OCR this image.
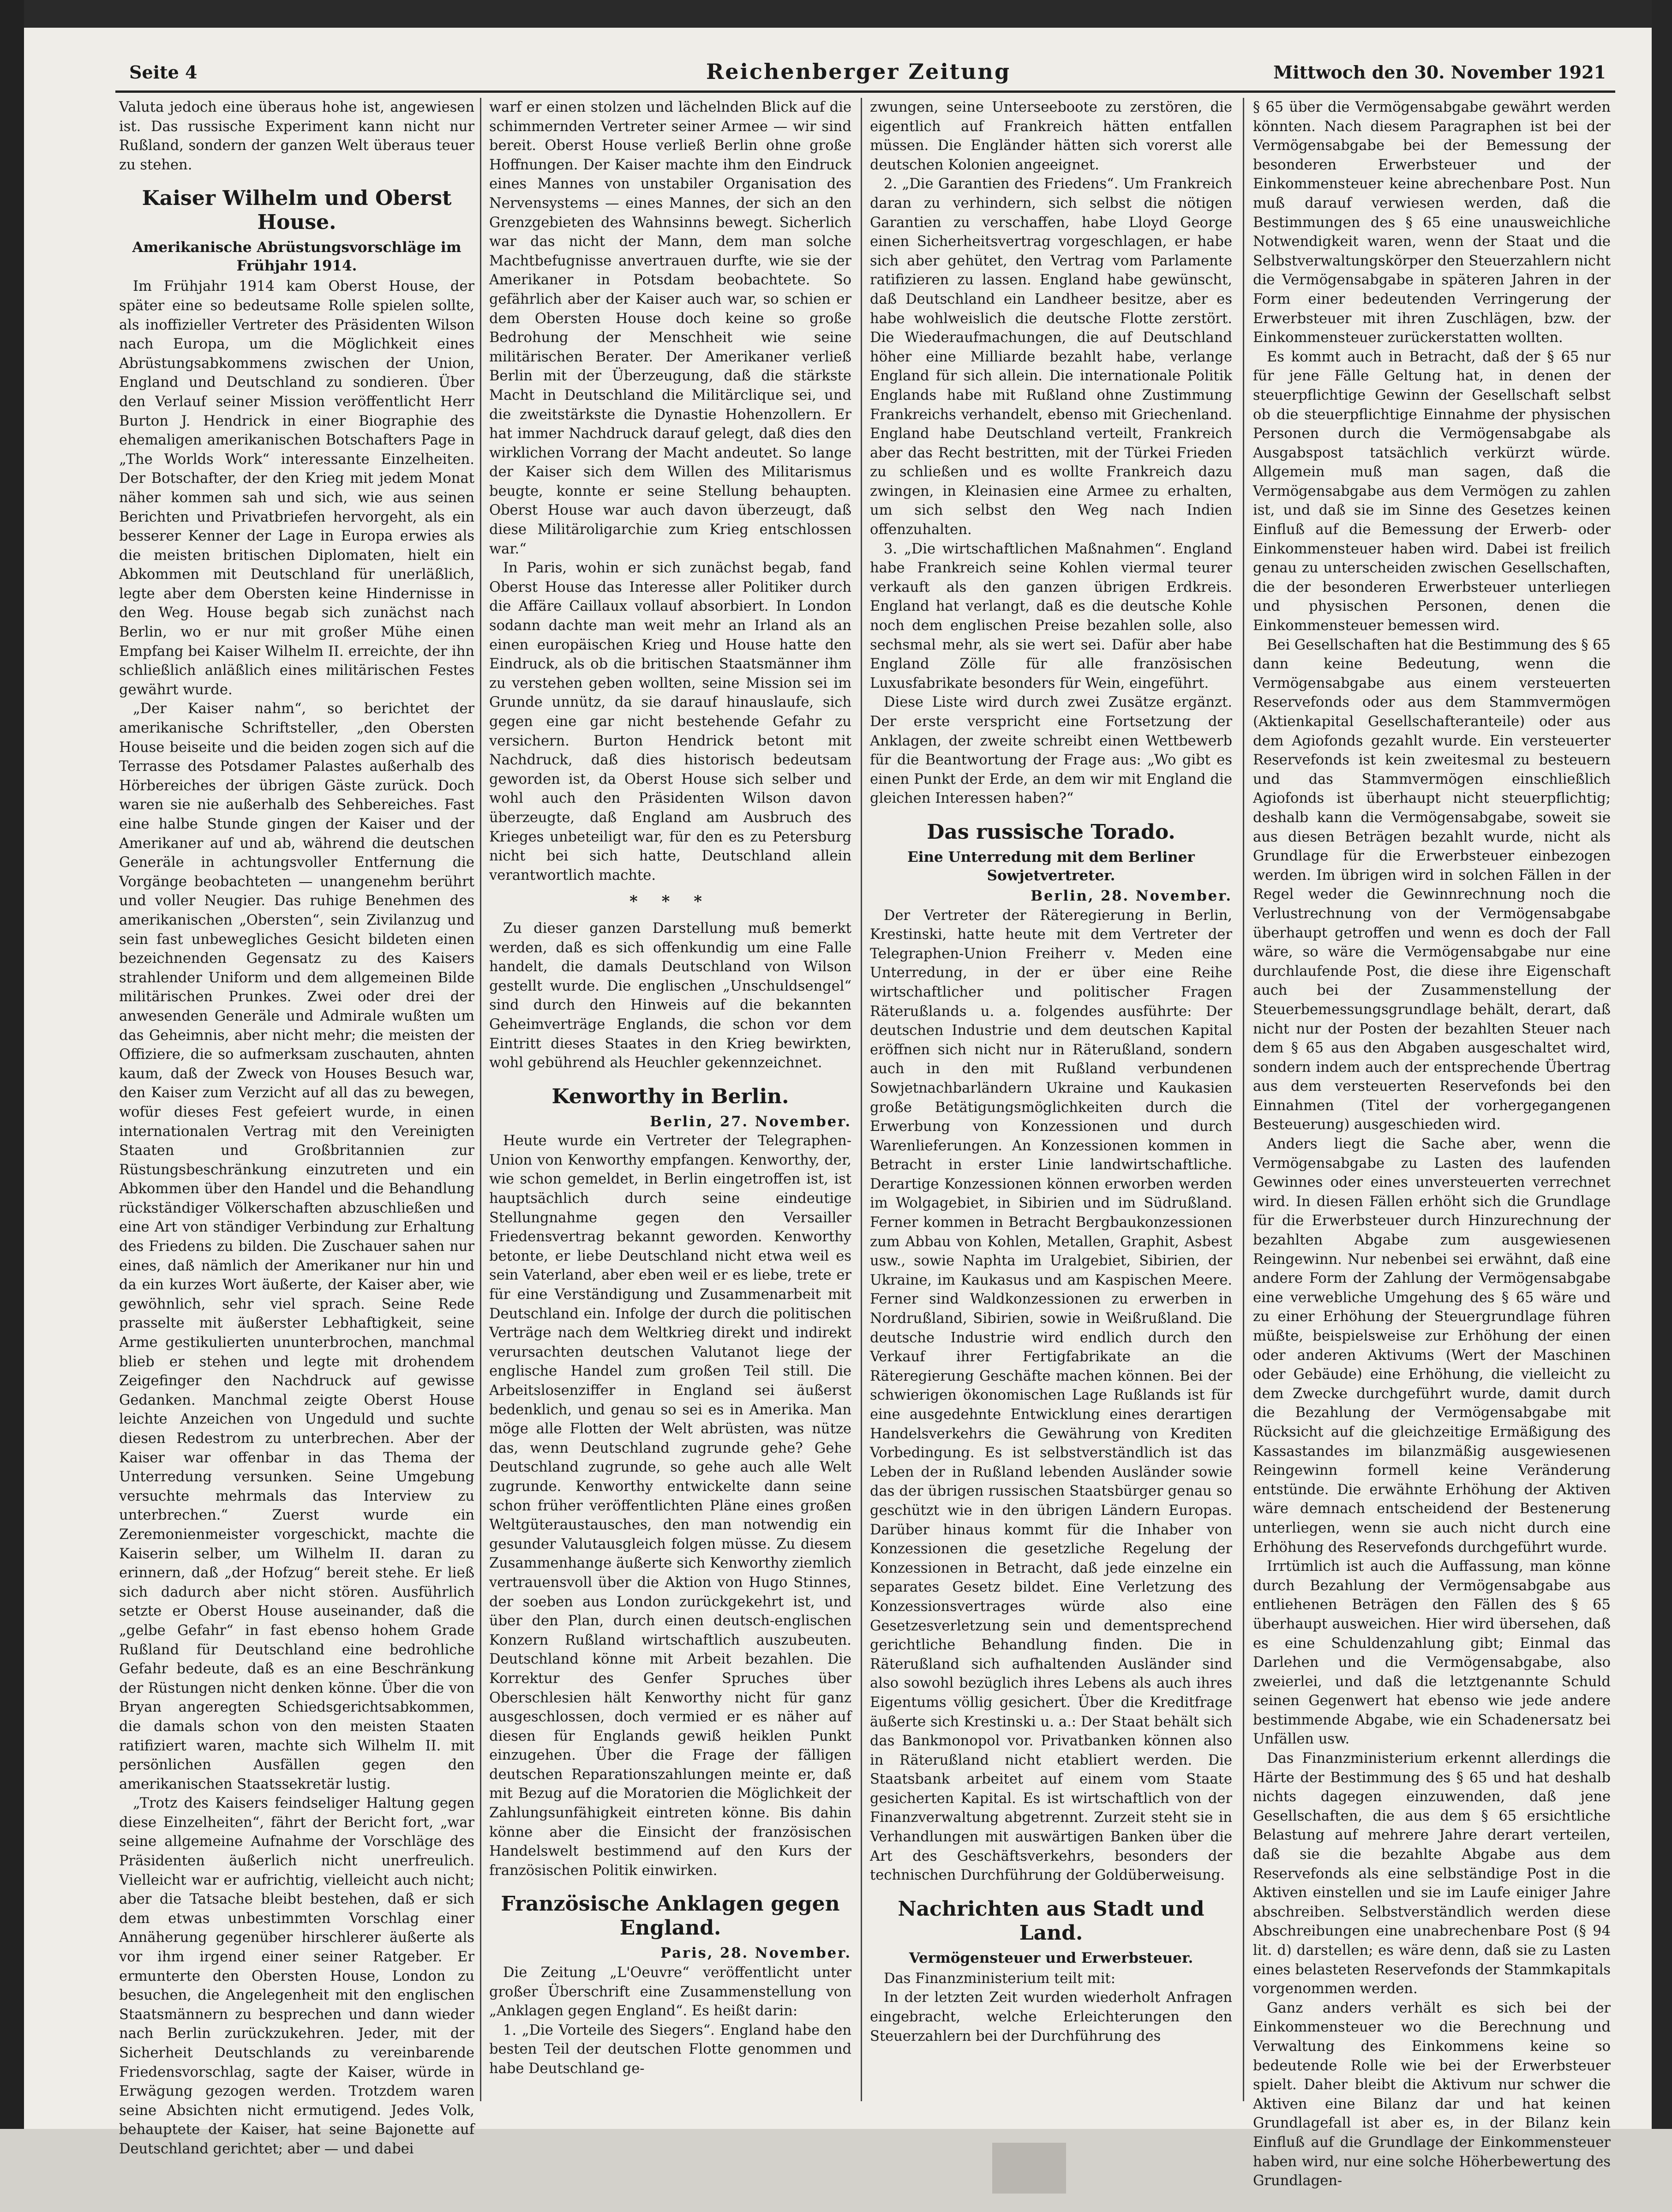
Seite 4	Reichenberger Zeitung	Mittwoch den 30. November 1921

Valuta jedoch eine überaus hohe ist, angewiesen ist. Das russische Experiment kann nicht nur Rußland, sondern der ganzen Welt überaus teuer zu stehen.

Kaiser Wilhelm und Oberst House.
Amerikanische Abrüstungsvorschläge im Frühjahr 1914.

Im Frühjahr 1914 kam Oberst House, der später eine so bedeutsame Rolle spielen sollte, als inoffizieller Vertreter des Präsidenten Wilson nach Europa, um die Möglichkeit eines Abrüstungsabkommens zwischen der Union, England und Deutschland zu sondieren. Über den Verlauf seiner Mission veröffentlicht Herr Burton J. Hendrick in einer Biographie des ehemaligen amerikanischen Botschafters Page in „The Worlds Work“ interessante Einzelheiten. Der Botschafter, der den Krieg mit jedem Monat näher kommen sah und sich, wie aus seinen Berichten und Privatbriefen hervorgeht, als ein besserer Kenner der Lage in Europa erwies als die meisten britischen Diplomaten, hielt ein Abkommen mit Deutschland für unerläßlich, legte aber dem Obersten keine Hindernisse in den Weg. House begab sich zunächst nach Berlin, wo er nur mit großer Mühe einen Empfang bei Kaiser Wilhelm II. erreichte, der ihn schließlich anläßlich eines militärischen Festes gewährt wurde.

„Der Kaiser nahm“, so berichtet der amerikanische Schriftsteller, „den Obersten House beiseite und die beiden zogen sich auf die Terrasse des Potsdamer Palastes außerhalb des Hörbereiches der übrigen Gäste zurück. Doch waren sie nie außerhalb des Sehbereiches. Fast eine halbe Stunde gingen der Kaiser und der Amerikaner auf und ab, während die deutschen Generäle in achtungsvoller Entfernung die Vorgänge beobachteten — unangenehm berührt und voller Neugier. Das ruhige Benehmen des amerikanischen „Obersten“, sein Zivilanzug und sein fast unbewegliches Gesicht bildeten einen bezeichnenden Gegensatz zu des Kaisers strahlender Uniform und dem allgemeinen Bilde militärischen Prunkes. Zwei oder drei der anwesenden Generäle und Admirale wußten um das Geheimnis, aber nicht mehr; die meisten der Offiziere, die so aufmerksam zuschauten, ahnten kaum, daß der Zweck von Houses Besuch war, den Kaiser zum Verzicht auf all das zu bewegen, wofür dieses Fest gefeiert wurde, in einen internationalen Vertrag mit den Vereinigten Staaten und Großbritannien zur Rüstungsbeschränkung einzutreten und ein Abkommen über den Handel und die Behandlung rückständiger Völkerschaften abzuschließen und eine Art von ständiger Verbindung zur Erhaltung des Friedens zu bilden. Die Zuschauer sahen nur eines, daß nämlich der Amerikaner nur hin und da ein kurzes Wort äußerte, der Kaiser aber, wie gewöhnlich, sehr viel sprach. Seine Rede prasselte mit äußerster Lebhaftigkeit, seine Arme gestikulierten ununterbrochen, manchmal blieb er stehen und legte mit drohendem Zeigefinger den Nachdruck auf gewisse Gedanken. Manchmal zeigte Oberst House leichte Anzeichen von Ungeduld und suchte diesen Redestrom zu unterbrechen. Aber der Kaiser war offenbar in das Thema der Unterredung versunken. Seine Umgebung versuchte mehrmals das Interview zu unterbrechen.“ Zuerst wurde ein Zeremonienmeister vorgeschickt, machte die Kaiserin selber, um Wilhelm II. daran zu erinnern, daß „der Hofzug“ bereit stehe. Er ließ sich dadurch aber nicht stören. Ausführlich setzte er Oberst House auseinander, daß die „gelbe Gefahr“ in fast ebenso hohem Grade Rußland für Deutschland eine bedrohliche Gefahr bedeute, daß es an eine Beschränkung der Rüstungen nicht denken könne. Über die von Bryan angeregten Schiedsgerichtsabkommen, die damals schon von den meisten Staaten ratifiziert waren, machte sich Wilhelm II. mit persönlichen Ausfällen gegen den amerikanischen Staatssekretär lustig.

„Trotz des Kaisers feindseliger Haltung gegen diese Einzelheiten“, fährt der Bericht fort, „war seine allgemeine Aufnahme der Vorschläge des Präsidenten äußerlich nicht unerfreulich. Vielleicht war er aufrichtig, vielleicht auch nicht; aber die Tatsache bleibt bestehen, daß er sich dem etwas unbestimmten Vorschlag einer Annäherung gegenüber hirschlerer äußerte als vor ihm irgend einer seiner Ratgeber. Er ermunterte den Obersten House, London zu besuchen, die Angelegenheit mit den englischen Staatsmännern zu besprechen und dann wieder nach Berlin zurückzukehren. Jeder, mit der Sicherheit Deutschlands zu vereinbarende Friedensvorschlag, sagte der Kaiser, würde in Erwägung gezogen werden. Trotzdem waren seine Absichten nicht ermutigend. Jedes Volk, behauptete der Kaiser, hat seine Bajonette auf Deutschland gerichtet; aber — und dabei

warf er einen stolzen und lächelnden Blick auf die schimmernden Vertreter seiner Armee — wir sind bereit. Oberst House verließ Berlin ohne große Hoffnungen. Der Kaiser machte ihm den Eindruck eines Mannes von unstabiler Organisation des Nervensystems — eines Mannes, der sich an den Grenzgebieten des Wahnsinns bewegt. Sicherlich war das nicht der Mann, dem man solche Machtbefugnisse anvertrauen durfte, wie sie der Amerikaner in Potsdam beobachtete. So gefährlich aber der Kaiser auch war, so schien er dem Obersten House doch keine so große Bedrohung der Menschheit wie seine militärischen Berater. Der Amerikaner verließ Berlin mit der Überzeugung, daß die stärkste Macht in Deutschland die Militärclique sei, und die zweitstärkste die Dynastie Hohenzollern. Er hat immer Nachdruck darauf gelegt, daß dies den wirklichen Vorrang der Macht andeutet. So lange der Kaiser sich dem Willen des Militarismus beugte, konnte er seine Stellung behaupten. Oberst House war auch davon überzeugt, daß diese Militäroligarchie zum Krieg entschlossen war.“

In Paris, wohin er sich zunächst begab, fand Oberst House das Interesse aller Politiker durch die Affäre Caillaux vollauf absorbiert. In London sodann dachte man weit mehr an Irland als an einen europäischen Krieg und House hatte den Eindruck, als ob die britischen Staatsmänner ihm zu verstehen geben wollten, seine Mission sei im Grunde unnütz, da sie darauf hinauslaufe, sich gegen eine gar nicht bestehende Gefahr zu versichern. Burton Hendrick betont mit Nachdruck, daß dies historisch bedeutsam geworden ist, da Oberst House sich selber und wohl auch den Präsidenten Wilson davon überzeugte, daß England am Ausbruch des Krieges unbeteiligt war, für den es zu Petersburg nicht bei sich hatte, Deutschland allein verantwortlich machte.

* * *

Zu dieser ganzen Darstellung muß bemerkt werden, daß es sich offenkundig um eine Falle handelt, die damals Deutschland von Wilson gestellt wurde. Die englischen „Unschuldsengel“ sind durch den Hinweis auf die bekannten Geheimverträge Englands, die schon vor dem Eintritt dieses Staates in den Krieg bewirkten, wohl gebührend als Heuchler gekennzeichnet.

Kenworthy in Berlin.

Berlin, 27. November.

Heute wurde ein Vertreter der Telegraphen-Union von Kenworthy empfangen. Kenworthy, der, wie schon gemeldet, in Berlin eingetroffen ist, ist hauptsächlich durch seine eindeutige Stellungnahme gegen den Versailler Friedensvertrag bekannt geworden. Kenworthy betonte, er liebe Deutschland nicht etwa weil es sein Vaterland, aber eben weil er es liebe, trete er für eine Verständigung und Zusammenarbeit mit Deutschland ein. Infolge der durch die politischen Verträge nach dem Weltkrieg direkt und indirekt verursachten deutschen Valutanot liege der englische Handel zum großen Teil still. Die Arbeitslosenziffer in England sei äußerst bedenklich, und genau so sei es in Amerika. Man möge alle Flotten der Welt abrüsten, was nütze das, wenn Deutschland zugrunde gehe? Gehe Deutschland zugrunde, so gehe auch alle Welt zugrunde. Kenworthy entwickelte dann seine schon früher veröffentlichten Pläne eines großen Weltgüteraustausches, den man notwendig ein gesunder Valutausgleich folgen müsse. Zu diesem Zusammenhange äußerte sich Kenworthy ziemlich vertrauensvoll über die Aktion von Hugo Stinnes, der soeben aus London zurückgekehrt ist, und über den Plan, durch einen deutsch-englischen Konzern Rußland wirtschaftlich auszubeuten. Deutschland könne mit Arbeit bezahlen. Die Korrektur des Genfer Spruches über Oberschlesien hält Kenworthy nicht für ganz ausgeschlossen, doch vermied er es näher auf diesen für Englands gewiß heiklen Punkt einzugehen. Über die Frage der fälligen deutschen Reparationszahlungen meinte er, daß mit Bezug auf die Moratorien die Möglichkeit der Zahlungsunfähigkeit eintreten könne. Bis dahin könne aber die Einsicht der französischen Handelswelt bestimmend auf den Kurs der französischen Politik einwirken.

Französische Anklagen gegen England.

Paris, 28. November.

Die Zeitung „L'Oeuvre“ veröffentlicht unter großer Überschrift eine Zusammenstellung von „Anklagen gegen England“. Es heißt darin:

1. „Die Vorteile des Siegers“. England habe den besten Teil der deutschen Flotte genommen und habe Deutschland ge-

zwungen, seine Unterseeboote zu zerstören, die eigentlich auf Frankreich hätten entfallen müssen. Die Engländer hätten sich vorerst alle deutschen Kolonien angeeignet.

2. „Die Garantien des Friedens“. Um Frankreich daran zu verhindern, sich selbst die nötigen Garantien zu verschaffen, habe Lloyd George einen Sicherheitsvertrag vorgeschlagen, er habe sich aber gehütet, den Vertrag vom Parlamente ratifizieren zu lassen. England habe gewünscht, daß Deutschland ein Landheer besitze, aber es habe wohlweislich die deutsche Flotte zerstört. Die Wiederaufmachungen, die auf Deutschland höher eine Milliarde bezahlt habe, verlange England für sich allein. Die internationale Politik Englands habe mit Rußland ohne Zustimmung Frankreichs verhandelt, ebenso mit Griechenland. England habe Deutschland verteilt, Frankreich aber das Recht bestritten, mit der Türkei Frieden zu schließen und es wollte Frankreich dazu zwingen, in Kleinasien eine Armee zu erhalten, um sich selbst den Weg nach Indien offenzuhalten.

3. „Die wirtschaftlichen Maßnahmen“. England habe Frankreich seine Kohlen viermal teurer verkauft als den ganzen übrigen Erdkreis. England hat verlangt, daß es die deutsche Kohle noch dem englischen Preise bezahlen solle, also sechsmal mehr, als sie wert sei. Dafür aber habe England Zölle für alle französischen Luxusfabrikate besonders für Wein, eingeführt.

Diese Liste wird durch zwei Zusätze ergänzt. Der erste verspricht eine Fortsetzung der Anklagen, der zweite schreibt einen Wettbewerb für die Beantwortung der Frage aus: „Wo gibt es einen Punkt der Erde, an dem wir mit England die gleichen Interessen haben?“

Das russische Torado.
Eine Unterredung mit dem Berliner Sowjetvertreter.

Berlin, 28. November.

Der Vertreter der Räteregierung in Berlin, Krestinski, hatte heute mit dem Vertreter der Telegraphen-Union Freiherr v. Meden eine Unterredung, in der er über eine Reihe wirtschaftlicher und politischer Fragen Räterußlands u. a. folgendes ausführte: Der deutschen Industrie und dem deutschen Kapital eröffnen sich nicht nur in Räterußland, sondern auch in den mit Rußland verbundenen Sowjetnachbarländern Ukraine und Kaukasien große Betätigungsmöglichkeiten durch die Erwerbung von Konzessionen und durch Warenlieferungen. An Konzessionen kommen in Betracht in erster Linie landwirtschaftliche. Derartige Konzessionen können erworben werden im Wolgagebiet, in Sibirien und im Südrußland. Ferner kommen in Betracht Bergbaukonzessionen zum Abbau von Kohlen, Metallen, Graphit, Asbest usw., sowie Naphta im Uralgebiet, Sibirien, der Ukraine, im Kaukasus und am Kaspischen Meere. Ferner sind Waldkonzessionen zu erwerben in Nordrußland, Sibirien, sowie in Weißrußland. Die deutsche Industrie wird endlich durch den Verkauf ihrer Fertigfabrikate an die Räteregierung Geschäfte machen können. Bei der schwierigen ökonomischen Lage Rußlands ist für eine ausgedehnte Entwicklung eines derartigen Handelsverkehrs die Gewährung von Krediten Vorbedingung. Es ist selbstverständlich ist das Leben der in Rußland lebenden Ausländer sowie das der übrigen russischen Staatsbürger genau so geschützt wie in den übrigen Ländern Europas. Darüber hinaus kommt für die Inhaber von Konzessionen die gesetzliche Regelung der Konzessionen in Betracht, daß jede einzelne ein separates Gesetz bildet. Eine Verletzung des Konzessionsvertrages würde also eine Gesetzesverletzung sein und dementsprechend gerichtliche Behandlung finden. Die in Räterußland sich aufhaltenden Ausländer sind also sowohl bezüglich ihres Lebens als auch ihres Eigentums völlig gesichert. Über die Kreditfrage äußerte sich Krestinski u. a.: Der Staat behält sich das Bankmonopol vor. Privatbanken können also in Räterußland nicht etabliert werden. Die Staatsbank arbeitet auf einem vom Staate gesicherten Kapital. Es ist wirtschaftlich von der Finanzverwaltung abgetrennt. Zurzeit steht sie in Verhandlungen mit auswärtigen Banken über die Art des Geschäftsverkehrs, besonders der technischen Durchführung der Goldüberweisung.

Nachrichten aus Stadt und Land.
Vermögensteuer und Erwerbsteuer.

Das Finanzministerium teilt mit:

In der letzten Zeit wurden wiederholt Anfragen eingebracht, welche Erleichterungen den Steuerzahlern bei der Durchführung des

§ 65 über die Vermögensabgabe gewährt werden könnten. Nach diesem Paragraphen ist bei der Vermögensabgabe bei der Bemessung der besonderen Erwerbsteuer und der Einkommensteuer keine abrechenbare Post. Nun muß darauf verwiesen werden, daß die Bestimmungen des § 65 eine unausweichliche Notwendigkeit waren, wenn der Staat und die Selbstverwaltungskörper den Steuerzahlern nicht die Vermögensabgabe in späteren Jahren in der Form einer bedeutenden Verringerung der Erwerbsteuer mit ihren Zuschlägen, bzw. der Einkommensteuer zurückerstatten wollten.

Es kommt auch in Betracht, daß der § 65 nur für jene Fälle Geltung hat, in denen der steuerpflichtige Gewinn der Gesellschaft selbst ob die steuerpflichtige Einnahme der physischen Personen durch die Vermögensabgabe als Ausgabspost tatsächlich verkürzt würde. Allgemein muß man sagen, daß die Vermögensabgabe aus dem Vermögen zu zahlen ist, und daß sie im Sinne des Gesetzes keinen Einfluß auf die Bemessung der Erwerb- oder Einkommensteuer haben wird. Dabei ist freilich genau zu unterscheiden zwischen Gesellschaften, die der besonderen Erwerbsteuer unterliegen und physischen Personen, denen die Einkommensteuer bemessen wird.

Bei Gesellschaften hat die Bestimmung des § 65 dann keine Bedeutung, wenn die Vermögensabgabe aus einem versteuerten Reservefonds oder aus dem Stammvermögen (Aktienkapital Gesellschafteranteile) oder aus dem Agiofonds gezahlt wurde. Ein versteuerter Reservefonds ist kein zweitesmal zu besteuern und das Stammvermögen einschließlich Agiofonds ist überhaupt nicht steuerpflichtig; deshalb kann die Vermögensabgabe, soweit sie aus diesen Beträgen bezahlt wurde, nicht als Grundlage für die Erwerbsteuer einbezogen werden. Im übrigen wird in solchen Fällen in der Regel weder die Gewinnrechnung noch die Verlustrechnung von der Vermögensabgabe überhaupt getroffen und wenn es doch der Fall wäre, so wäre die Vermögensabgabe nur eine durchlaufende Post, die diese ihre Eigenschaft auch bei der Zusammenstellung der Steuerbemessungsgrundlage behält, derart, daß nicht nur der Posten der bezahlten Steuer nach dem § 65 aus den Abgaben ausgeschaltet wird, sondern indem auch der entsprechende Übertrag aus dem versteuerten Reservefonds bei den Einnahmen (Titel der vorhergegangenen Besteuerung) ausgeschieden wird.

Anders liegt die Sache aber, wenn die Vermögensabgabe zu Lasten des laufenden Gewinnes oder eines unversteuerten verrechnet wird. In diesen Fällen erhöht sich die Grundlage für die Erwerbsteuer durch Hinzurechnung der bezahlten Abgabe zum ausgewiesenen Reingewinn. Nur nebenbei sei erwähnt, daß eine andere Form der Zahlung der Vermögensabgabe eine verwebliche Umgehung des § 65 wäre und zu einer Erhöhung der Steuergrundlage führen müßte, beispielsweise zur Erhöhung der einen oder anderen Aktivums (Wert der Maschinen oder Gebäude) eine Erhöhung, die vielleicht zu dem Zwecke durchgeführt wurde, damit durch die Bezahlung der Vermögensabgabe mit Rücksicht auf die gleichzeitige Ermäßigung des Kassastandes im bilanzmäßig ausgewiesenen Reingewinn formell keine Veränderung entstünde. Die erwähnte Erhöhung der Aktiven wäre demnach entscheidend der Bestenerung unterliegen, wenn sie auch nicht durch eine Erhöhung des Reservefonds durchgeführt wurde.

Irrtümlich ist auch die Auffassung, man könne durch Bezahlung der Vermögensabgabe aus entliehenen Beträgen den Fällen des § 65 überhaupt ausweichen. Hier wird übersehen, daß es eine Schuldenzahlung gibt; Einmal das Darlehen und die Vermögensabgabe, also zweierlei, und daß die letztgenannte Schuld seinen Gegenwert hat ebenso wie jede andere bestimmende Abgabe, wie ein Schadenersatz bei Unfällen usw.

Das Finanzministerium erkennt allerdings die Härte der Bestimmung des § 65 und hat deshalb nichts dagegen einzuwenden, daß jene Gesellschaften, die aus dem § 65 ersichtliche Belastung auf mehrere Jahre derart verteilen, daß sie die bezahlte Abgabe aus dem Reservefonds als eine selbständige Post in die Aktiven einstellen und sie im Laufe einiger Jahre abschreiben. Selbstverständlich werden diese Abschreibungen eine unabrechenbare Post (§ 94 lit. d) darstellen; es wäre denn, daß sie zu Lasten eines belasteten Reservefonds der Stammkapitals vorgenommen werden.

Ganz anders verhält es sich bei der Einkommensteuer wo die Berechnung und Verwaltung des Einkommens keine so bedeutende Rolle wie bei der Erwerbsteuer spielt. Daher bleibt die Aktivum nur schwer die Aktiven eine Bilanz dar und hat keinen Grundlagefall ist aber es, in der Bilanz kein Einfluß auf die Grundlage der Einkommensteuer haben wird, nur eine solche Höherbewertung des Grundlagen-
